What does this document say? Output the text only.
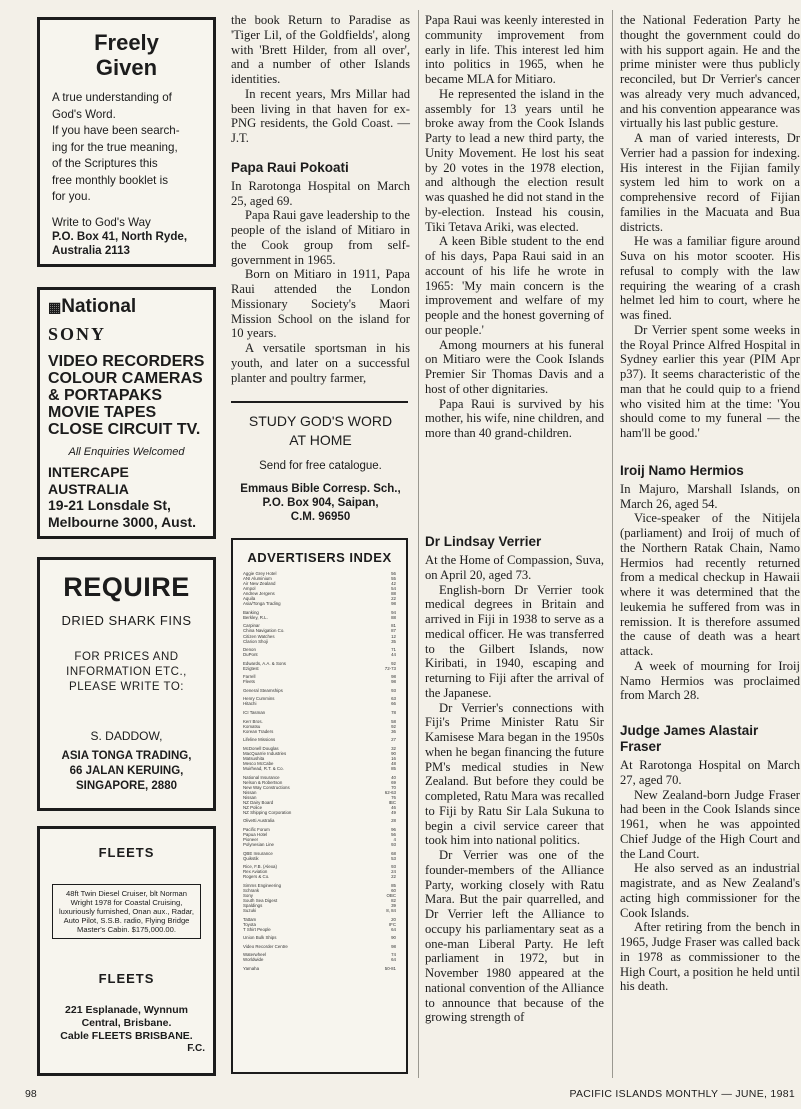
Freely
Given
A true understanding of
God's Word.
If you have been search-
ing for the true meaning,
of the Scriptures this
free monthly booklet is
for you.
Write to God's Way
P.O. Box 41, North Ryde,
Australia 2113
▦National
SONY
VIDEO RECORDERS
COLOUR CAMERAS
& PORTAPAKS
MOVIE TAPES
CLOSE CIRCUIT TV.
All Enquiries Welcomed
INTERCAPE AUSTRALIA
19-21 Lonsdale St,
Melbourne 3000, Aust.
REQUIRE
DRIED SHARK FINS
FOR PRICES AND
INFORMATION ETC.,
PLEASE WRITE TO:
S. DADDOW,
ASIA TONGA TRADING,
66 JALAN KERUING,
SINGAPORE, 2880
FLEETS
48ft Twin Diesel Cruiser, blt Norman Wright 1978 for Coastal Cruising, luxuriously furnished, Onan aux., Radar, Auto Pilot, S.S.B. radio, Flying Bridge Master's Cabin. $175,000.00.
FLEETS
221 Esplanade, Wynnum
Central, Brisbane.
Cable FLEETS BRISBANE.
F.C.

the book Return to Paradise as 'Tiger Lil, of the Goldfields', along with 'Brett Hilder, from all over', and a number of other Islands identities.

In recent years, Mrs Millar had been living in that haven for ex-PNG residents, the Gold Coast. — J.T.

Papa Raui Pokoati

In Rarotonga Hospital on March 25, aged 69.

Papa Raui gave leadership to the people of the island of Mitiaro in the Cook group from self-government in 1965.

Born on Mitiaro in 1911, Papa Raui attended the London Missionary Society's Maori Mission School on the island for 10 years.

A versatile sportsman in his youth, and later on a successful planter and poultry farmer,

STUDY GOD'S WORD
AT HOME
Send for free catalogue.
Emmaus Bible Corresp. Sch.,
P.O. Box 904, Saipan,
C.M. 96950
ADVERTISERS INDEX
Aggie Grey Hotel	56
ANI Aluminium	55
Air New Zealand	42
Ampol	54
Andrew Jergens	88
Aquila	22
Asia/Tonga Trading	98
Banking	94
Berkley, R.L.	88
Carpinar	81
China Navigation Co.	87
Citizen Watches	12
Clarion Shoji	35
Denon	71
DuPont	44
Edwards, A.A. & Sons	92
Ezigtest	72-73
Farrell	98
Fleets	98
General Steamships	93
Henry Cummins	63
Hitachi	66
ICI Tasman	78
Kerr Bros.	58
Komatsu	92
Korean Traders	36
Lifeline Missions	27
McDonell Douglas	32
MacQuarrie Industries	90
Matsushita	16
Mesco McCabe	48
Muirhead, R.T. & Co.	85
National Insurance	40
Nelson & Robertson	69
New Way Constructions	70
Nissan	62-63
Nissan	76
NZ Dairy Board	IBC
NZ Police	46
NZ Shipping Corporation	49
Olivetti Australia	28
Pacific Forum	96
Papua Hotel	56
Pioneer	4
Polynesian Line	93
QBE Insurance	68
Quikstik	53
Rice, F.B. (Alexa)	93
Rex Aviation	24
Rogers & Co.	22
Simms Engineering	85
Schrank	60
Sony	OBC
South Sea Digest	82
Spaldings	39
Suzuki	8, 84
Tattam	20
Toyota	IFC
T Shirt People	64
Union Bulk Ships	90
Video Recorder Centre	98
Waterwheel	74
Worldwide	64
Yamaha	50-81

Papa Raui was keenly interested in community improvement from early in life. This interest led him into politics in 1965, when he became MLA for Mitiaro.

He represented the island in the assembly for 13 years until he broke away from the Cook Islands Party to lead a new third party, the Unity Movement. He lost his seat by 20 votes in the 1978 election, and although the election result was quashed he did not stand in the by-election. Instead his cousin, Tiki Tetava Ariki, was elected.

A keen Bible student to the end of his days, Papa Raui said in an account of his life he wrote in 1965: 'My main concern is the improvement and welfare of my people and the honest governing of our people.'

Among mourners at his funeral on Mitiaro were the Cook Islands Premier Sir Thomas Davis and a host of other dignitaries.

Papa Raui is survived by his mother, his wife, nine children, and more than 40 grand-children.

Dr Lindsay Verrier

At the Home of Compassion, Suva, on April 20, aged 73.

English-born Dr Verrier took medical degrees in Britain and arrived in Fiji in 1938 to serve as a medical officer. He was transferred to the Gilbert Islands, now Kiribati, in 1940, escaping and returning to Fiji after the arrival of the Japanese.

Dr Verrier's connections with Fiji's Prime Minister Ratu Sir Kamisese Mara began in the 1950s when he began financing the future PM's medical studies in New Zealand. But before they could be completed, Ratu Mara was recalled to Fiji by Ratu Sir Lala Sukuna to begin a civil service career that took him into national politics.

Dr Verrier was one of the founder-members of the Alliance Party, working closely with Ratu Mara. But the pair quarrelled, and Dr Verrier left the Alliance to occupy his parliamentary seat as a one-man Liberal Party. He left parliament in 1972, but in November 1980 appeared at the national convention of the Alliance to announce that because of the growing strength of

the National Federation Party he thought the government could do with his support again. He and the prime minister were thus publicly reconciled, but Dr Verrier's cancer was already very much advanced, and his convention appearance was virtually his last public gesture.

A man of varied interests, Dr Verrier had a passion for indexing. His interest in the Fijian family system led him to work on a comprehensive record of Fijian families in the Macuata and Bua districts.

He was a familiar figure around Suva on his motor scooter. His refusal to comply with the law requiring the wearing of a crash helmet led him to court, where he was fined.

Dr Verrier spent some weeks in the Royal Prince Alfred Hospital in Sydney earlier this year (PIM Apr p37). It seems characteristic of the man that he could quip to a friend who visited him at the time: 'You should come to my funeral — the ham'll be good.'

Iroij Namo Hermios

In Majuro, Marshall Islands, on March 26, aged 54.

Vice-speaker of the Nitijela (parliament) and Iroij of much of the Northern Ratak Chain, Namo Hermios had recently returned from a medical checkup in Hawaii where it was determined that the leukemia he suffered from was in remission. It is therefore assumed the cause of death was a heart attack.

A week of mourning for Iroij Namo Hermios was proclaimed from March 28.

Judge James Alastair Fraser

At Rarotonga Hospital on March 27, aged 70.

New Zealand-born Judge Fraser had been in the Cook Islands since 1961, when he was appointed Chief Judge of the High Court and the Land Court.

He also served as an industrial magistrate, and as New Zealand's acting high commissioner for the Cook Islands.

After retiring from the bench in 1965, Judge Fraser was called back in 1978 as commissioner to the High Court, a position he held until his death.

98	PACIFIC ISLANDS MONTHLY — JUNE, 1981
